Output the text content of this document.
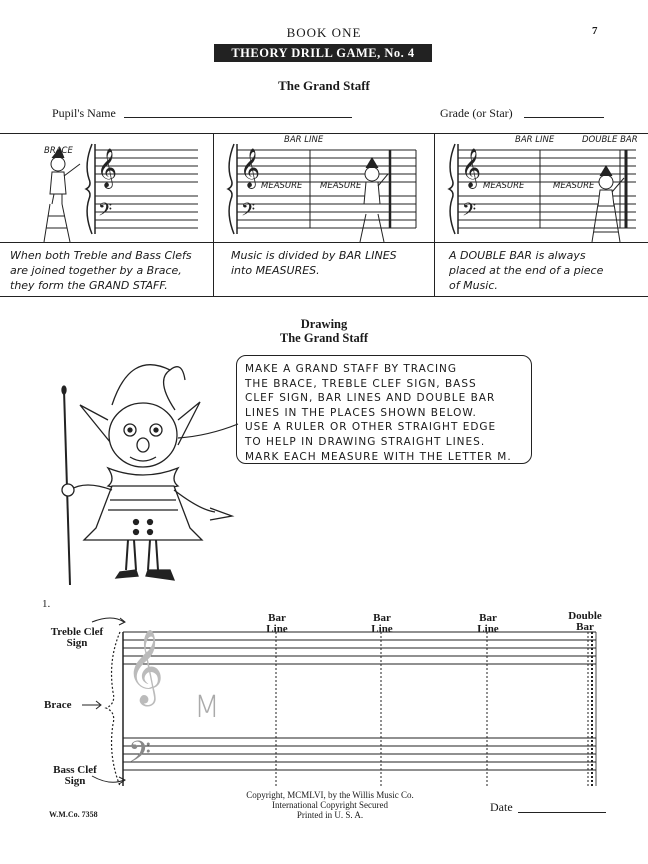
BOOK ONE	7
THEORY DRILL GAME, No. 4
The Grand Staff
Pupil's Name	Grade (or Star)
𝄞
𝄢
𝄞
𝄢
𝄞
𝄢
BRACE
BAR LINE
MEASURE MEASURE
BAR LINE	DOUBLE BAR
MEASURE	MEASURE
When both Treble and Bass Clefs
are joined together by a Brace,
they form the GRAND STAFF.
Music is divided by BAR LINES
into MEASURES.
A DOUBLE BAR is always
placed at the end of a piece
of Music.
Drawing
The Grand Staff
MAKE A GRAND STAFF BY TRACING
THE BRACE, TREBLE CLEF SIGN, BASS
CLEF SIGN, BAR LINES AND DOUBLE BAR
LINES IN THE PLACES SHOWN BELOW.
USE A RULER OR OTHER STRAIGHT EDGE
TO HELP IN DRAWING STRAIGHT LINES.
MARK EACH MEASURE WITH THE LETTER M.
1.
Bar
Line
Bar
Line
Bar
Line
Double
Bar
Treble Clef
Sign
Brace
Bass Clef
Sign
𝄞
𝄢
M
Copyright, MCMLVI, by the Willis Music Co.
International Copyright Secured
Printed in U. S. A.
W.M.Co. 7358
Date
